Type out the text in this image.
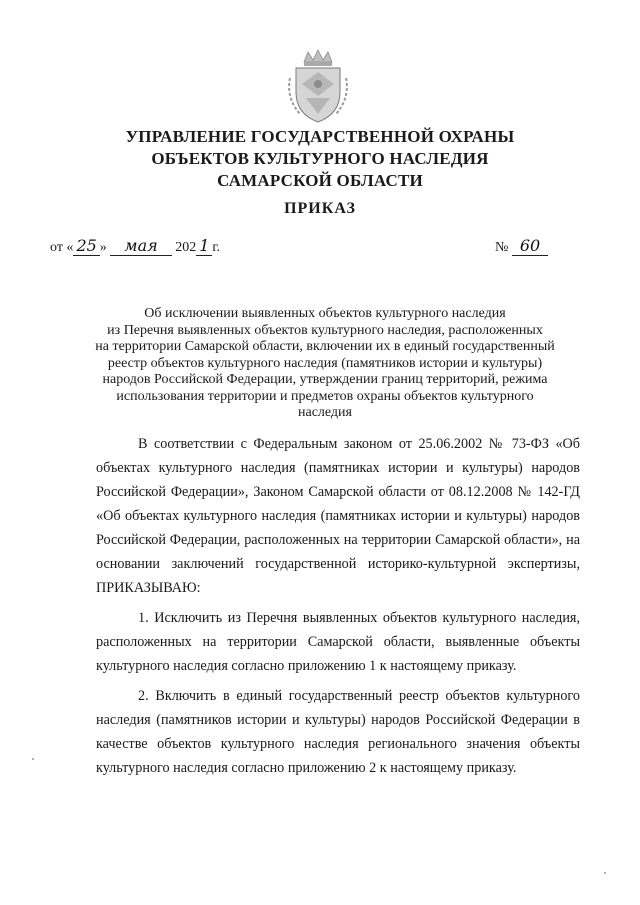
УПРАВЛЕНИЕ ГОСУДАРСТВЕННОЙ ОХРАНЫ
ОБЪЕКТОВ КУЛЬТУРНОГО НАСЛЕДИЯ
САМАРСКОЙ ОБЛАСТИ
ПРИКАЗ
от « 25 » мая 202 1 г.	№ 60
Об исключении выявленных объектов культурного наследия
из Перечня выявленных объектов культурного наследия, расположенных
на территории Самарской области, включении их в единый государственный
реестр объектов культурного наследия (памятников истории и культуры)
народов Российской Федерации, утверждении границ территорий, режима
использования территории и предметов охраны объектов культурного
наследия

В соответствии с Федеральным законом от 25.06.2002 № 73-ФЗ «Об объектах культурного наследия (памятниках истории и культуры) народов Российской Федерации», Законом Самарской области от 08.12.2008 № 142-ГД «Об объектах культурного наследия (памятниках истории и культуры) народов Российской Федерации, расположенных на территории Самарской области», на основании заключений государственной историко-культурной экспертизы, ПРИКАЗЫВАЮ:

1. Исключить из Перечня выявленных объектов культурного наследия, расположенных на территории Самарской области, выявленные объекты культурного наследия согласно приложению 1 к настоящему приказу.

2. Включить в единый государственный реестр объектов культурного наследия (памятников истории и культуры) народов Российской Федерации в качестве объектов культурного наследия регионального значения объекты культурного наследия согласно приложению 2 к настоящему приказу.
